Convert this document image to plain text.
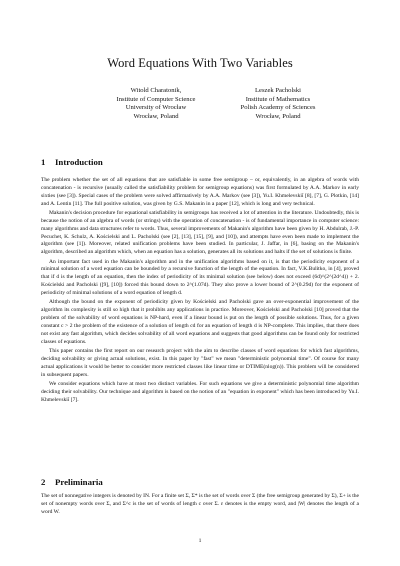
Word Equations With Two Variables
Witold Charatonik,
Institute of Computer Science
University of Wrocław
Wrocław, Poland
Leszek Pacholski
Institute of Mathematics
Polish Academy of Sciences
Wrocław, Poland
1 Introduction

The problem whether the set of all equations that are satisfiable in some free semigroup – or, equivalently, in an algebra of words with concatenation - is recursive (usually called the satisfiability problem for semigroup equations) was first formulated by A.A. Markov in early sixties (see [3]). Special cases of the problem were solved affirmatively by A.A. Markov (see [3]), Yu.I. Khmelevskiĭ [8], [7], G. Plotkin, [14] and A. Lentin [11]. The full positive solution, was given by G.S. Makanin in a paper [12], which is long and very technical.

Makanin's decision procedure for equational satisfiability in semigroups has received a lot of attention in the literature. Undoubtedly, this is because the notion of an algebra of words (or strings) with the operation of concatenation - is of fundamental importance in computer science: many algorithms and data structures refer to words. Thus, several improvements of Makanin's algorithm have been given by H. Abdulrab, J.-P. Pecuchet, K. Schulz, A. Kościelski and L. Pacholski (see [2], [13], [15], [9], and [10]), and attempts have even been made to implement the algorithm (see [1]). Moreover, related unification problems have been studied. In particular, J. Jaffar, in [6], basing on the Makanin's algorithm, described an algorithm which, when an equation has a solution, generates all its solutions and halts if the set of solutions is finite.

An important fact used in the Makanin's algorithm and in the unification algorithms based on it, is that the periodicity exponent of a minimal solution of a word equation can be bounded by a recursive function of the length of the equation. In fact, V.K.Bulitko, in [4], proved that if d is the length of an equation, then the index of periodicity of its minimal solution (see below) does not exceed (6d)^(2^(2d^4)) + 2. Kościelski and Pacholski ([9], [10]) forced this bound down to 2^(1.07d). They also prove a lower bound of 2^(0.29d) for the exponent of periodicity of minimal solutions of a word equation of length d.

Although the bound on the exponent of periodicity given by Kościelski and Pacholski gave an over-exponential improvement of the algorithm its complexity is still so high that it prohibits any applications in practice. Moreover, Kościelski and Pacholski [10] proved that the problem of the solvability of word equations is NP-hard, even if a linear bound is put on the length of possible solutions. Thus, for a given constant c > 2 the problem of the existence of a solution of length cd for an equation of length d is NP-complete. This implies, that there does not exist any fast algorithm, which decides solvability of all word equations and suggests that good algorithms can be found only for restricted classes of equations.

This paper contains the first report on our research project with the aim to describe classes of word equations for which fast algorithms, deciding solvability or giving actual solutions, exist. In this paper by "fast" we mean "deterministic polynomial time". Of course for many actual applications it would be better to consider more restricted classes like linear time or DTIME(nlog(n)). This problem will be considered in subsequent papers.

We consider equations which have at most two distinct variables. For such equations we give a deterministic polynomial time algorithm deciding their solvability. Our technique and algorithm is based on the notion of an "equation in exponent" which has been introduced by Yu.I. Khmelevskiĭ [7].

2 Preliminaria

The set of nonnegative integers is denoted by IN. For a finite set Σ, Σ* is the set of words over Σ (the free semigroup generated by Σ), Σ+ is the set of nonempty words over Σ, and Σ^c is the set of words of length c over Σ. ε denotes is the empty word, and |W| denotes the length of a word W.

1
